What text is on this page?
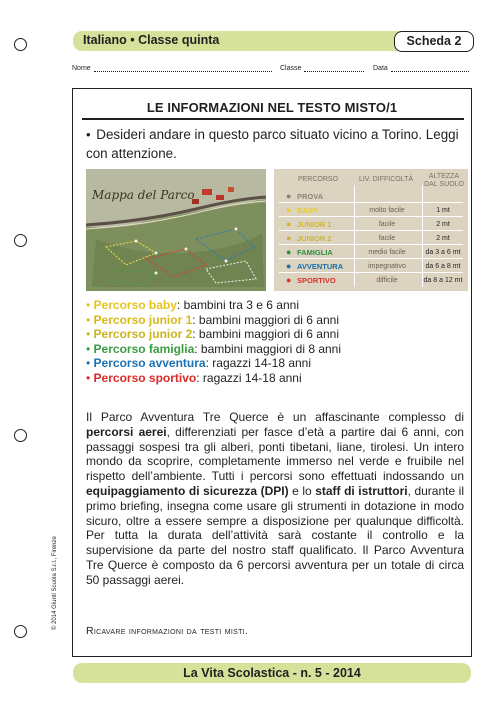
Italiano • Classe quinta	Scheda 2
Nome	Classe	Data
LE INFORMAZIONI NEL TESTO MISTO/1
• Desideri andare in questo parco situato vicino a Torino. Leggi con attenzione.
Mappa del Parco
PERCORSO	LIV. DIFFICOLTÀ	ALTEZZA DAL SUOLO
● PROVA
● BABY	molto facile	1 mt
● JUNIOR 1	facile	2 mt
● JUNIOR 2	facile	2 mt
● FAMIGLIA	medio facile	da 3 a 6 mt
● AVVENTURA	impegnativo	da 6 a 8 mt
● SPORTIVO	difficile	da 8 a 12 mt
• Percorso baby: bambini tra 3 e 6 anni
• Percorso junior 1: bambini maggiori di 6 anni
• Percorso junior 2: bambini maggiori di 6 anni
• Percorso famiglia: bambini maggiori di 8 anni
• Percorso avventura: ragazzi 14-18 anni
• Percorso sportivo: ragazzi 14-18 anni
Il Parco Avventura Tre Querce è un affascinante complesso di percorsi aerei, differenziati per fasce d’età a partire dai 6 anni, con passaggi sospesi tra gli alberi, ponti tibetani, liane, tirolesi. Un intero mondo da scoprire, completamente immerso nel verde e fruibile nel rispetto dell’ambiente. Tutti i percorsi sono effettuati indossando un equipaggiamento di sicurezza (DPI) e lo staff di istruttori, durante il primo briefing, insegna come usare gli strumenti in dotazione in modo sicuro, oltre a essere sempre a disposizione per qualunque difficoltà. Per tutta la durata dell’attività sarà costante il controllo e la supervisione da parte del nostro staff qualificato. Il Parco Avventura Tre Querce è composto da 6 percorsi avventura per un totale di circa 50 passaggi aerei.
Ricavare informazioni da testi misti.
© 2014 Giunti Scuola S.r.l., Firenze
La Vita Scolastica - n. 5 - 2014
